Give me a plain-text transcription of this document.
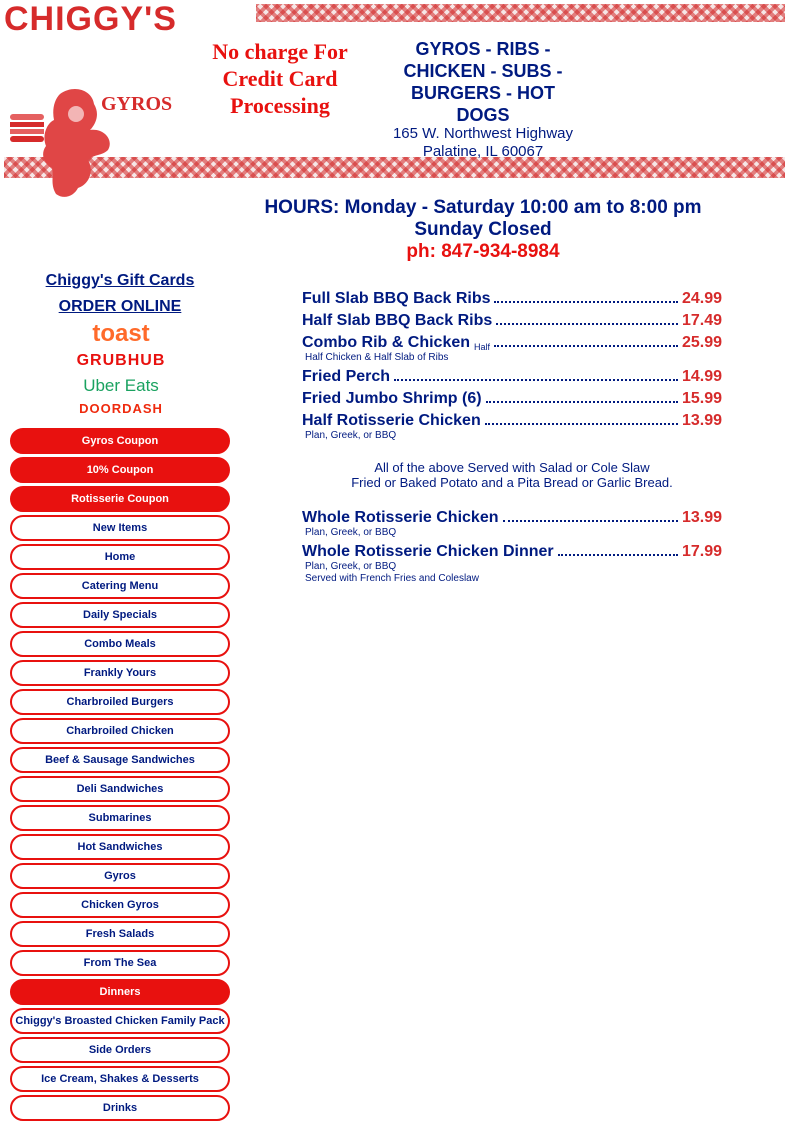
CHIGGY'S
GYROS
No charge For Credit Card Processing
GYROS - RIBS - CHICKEN - SUBS - BURGERS - HOT DOGS
165 W. Northwest Highway
Palatine, IL 60067
HOURS: Monday - Saturday 10:00 am to 8:00 pm
Sunday Closed
ph: 847-934-8984
Chiggy's Gift Cards
ORDER ONLINE
toast
GRUBHUB
Uber Eats
DOORDASH
Gyros Coupon
10% Coupon
Rotisserie Coupon
New Items
Home
Catering Menu
Daily Specials
Combo Meals
Frankly Yours
Charbroiled Burgers
Charbroiled Chicken
Beef & Sausage Sandwiches
Deli Sandwiches
Submarines
Hot Sandwiches
Gyros
Chicken Gyros
Fresh Salads
From The Sea
Dinners
Chiggy's Broasted Chicken Family Pack
Side Orders
Ice Cream, Shakes & Desserts
Drinks
Full Slab BBQ Back Ribs	24.99
Half Slab BBQ Back Ribs	17.49
Combo Rib & Chicken Half	25.99
Half Chicken & Half Slab of Ribs
Fried Perch	14.99
Fried Jumbo Shrimp (6)	15.99
Half Rotisserie Chicken	13.99
Plan, Greek, or BBQ
All of the above Served with Salad or Cole Slaw
Fried or Baked Potato and a Pita Bread or Garlic Bread.
Whole Rotisserie Chicken	13.99
Plan, Greek, or BBQ
Whole Rotisserie Chicken Dinner	17.99
Plan, Greek, or BBQ
Served with French Fries and Coleslaw
